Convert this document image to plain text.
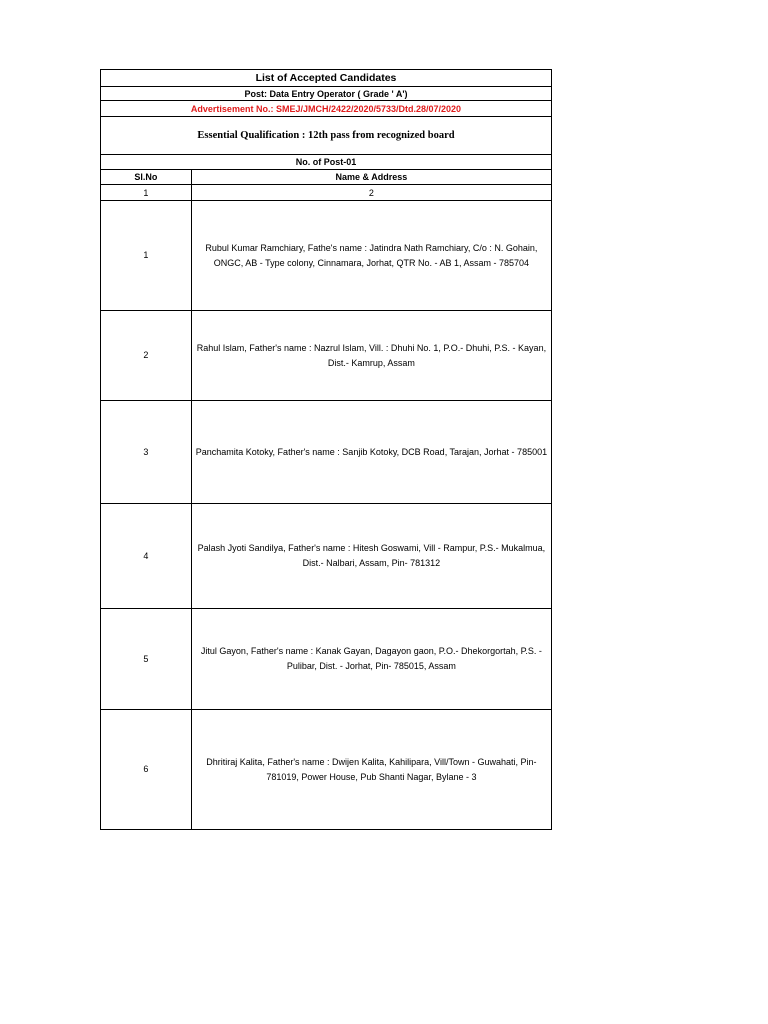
List of Accepted Candidates	
Post: Data Entry Operator ( Grade ' A')	
Advertisement No.: SMEJ/JMCH/2422/2020/5733/Dtd.28/07/2020	
Essential Qualification : 12th pass from recognized board	
No. of Post-01	
Sl.No	Name & Address
1	2
1	Rubul Kumar Ramchiary, Fathe's name : Jatindra Nath Ramchiary, C/o : N. Gohain, ONGC, AB - Type colony, Cinnamara, Jorhat, QTR No. - AB 1, Assam - 785704

2	Rahul Islam, Father's name : Nazrul Islam, Vill. : Dhuhi No. 1, P.O.- Dhuhi, P.S. - Kayan, Dist.- Kamrup, Assam

3	Panchamita Kotoky, Father's name : Sanjib Kotoky, DCB Road, Tarajan, Jorhat - 785001

4	Palash Jyoti Sandilya, Father's name : Hitesh Goswami, Vill - Rampur, P.S.- Mukalmua, Dist.- Nalbari, Assam, Pin- 781312

5	Jitul Gayon, Father's name : Kanak Gayan, Dagayon gaon, P.O.- Dhekorgortah, P.S. - Pulibar, Dist. - Jorhat, Pin- 785015, Assam

6	Dhritiraj Kalita, Father's name : Dwijen Kalita, Kahilipara, Vill/Town - Guwahati, Pin- 781019, Power House, Pub Shanti Nagar, Bylane - 3
